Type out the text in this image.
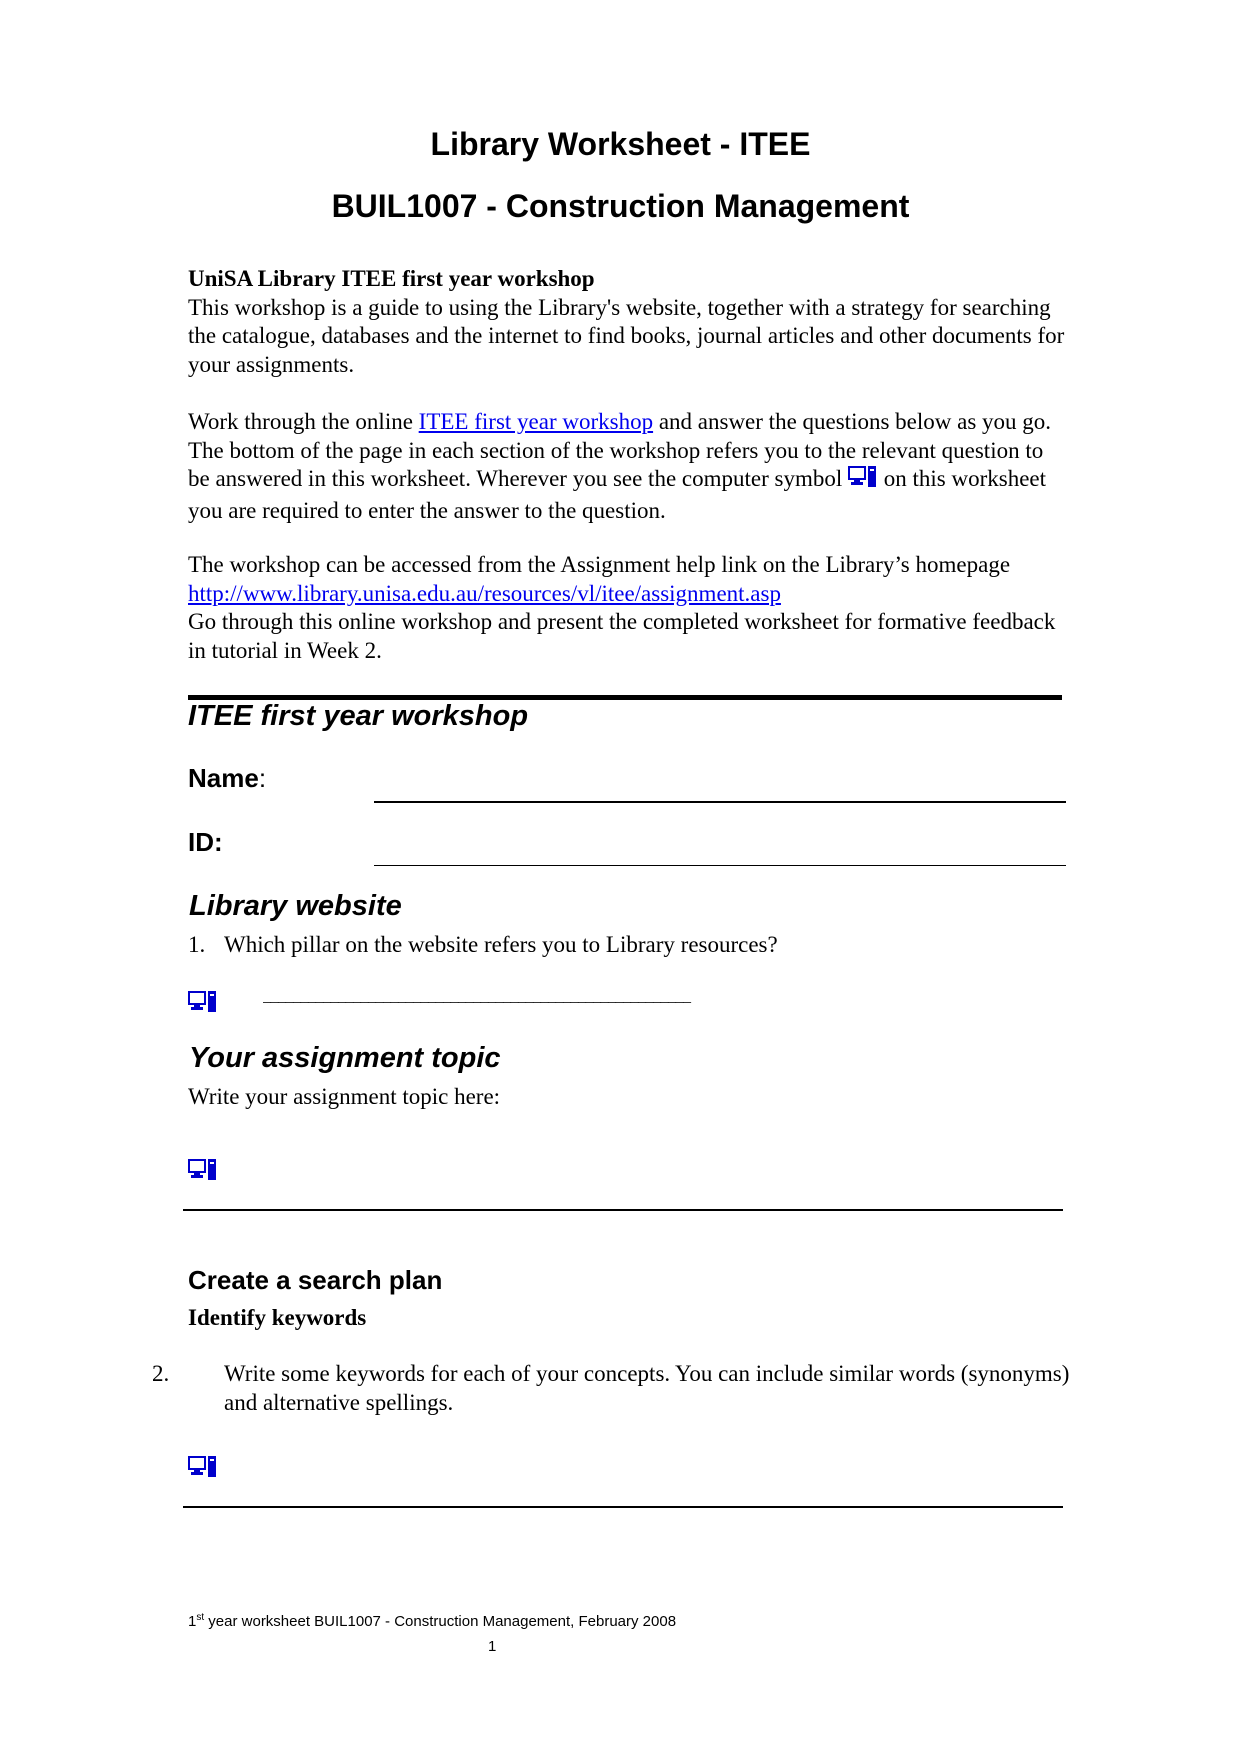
Library Worksheet - ITEE
BUIL1007 - Construction Management
UniSA Library ITEE first year workshop
This workshop is a guide to using the Library's website, together with a strategy for searching the catalogue, databases and the internet to find books, journal articles and other documents for your assignments.
Work through the online ITEE first year workshop and answer the questions below as you go. The bottom of the page in each section of the workshop refers you to the relevant question to be answered in this worksheet. Wherever you see the computer symbol  on this worksheet you are required to enter the answer to the question.
The workshop can be accessed from the Assignment help link on the Library’s homepage http://www.library.unisa.edu.au/resources/vl/itee/assignment.asp
Go through this online workshop and present the completed worksheet for formative feedback in tutorial in Week 2.
ITEE first year workshop
Name:
ID:
Library website
1. Which pillar on the website refers you to Library resources?
_________________________________________________________
Your assignment topic
Write your assignment topic here:
Create a search plan
Identify keywords
2. Write some keywords for each of your concepts. You can include similar words (synonyms) and alternative spellings.
1st year worksheet BUIL1007 - Construction Management, February 2008
1
